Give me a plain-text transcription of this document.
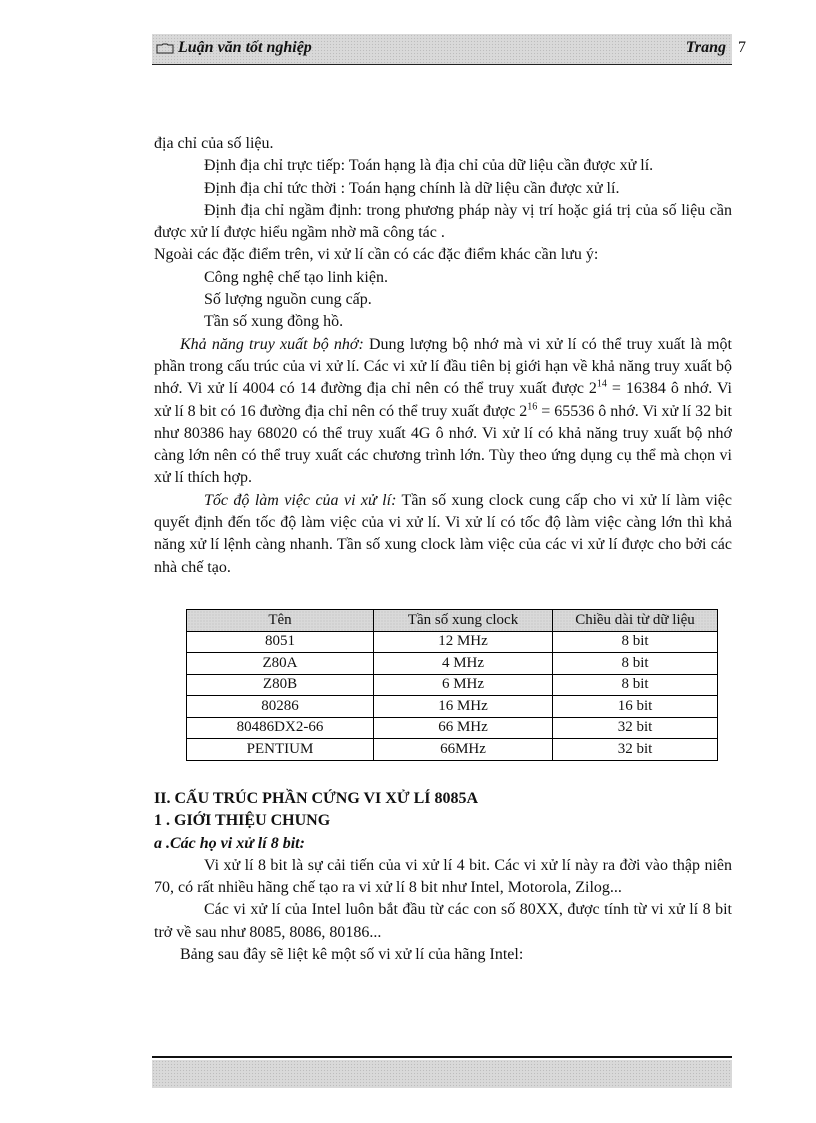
Luận văn tốt nghiệp	Trang 7

địa chỉ của số liệu.

Định địa chỉ trực tiếp: Toán hạng là địa chỉ của dữ liệu cần được xử lí.

Định địa chỉ tức thời : Toán hạng chính là dữ liệu cần được xử lí.

Định địa chỉ ngầm định: trong phương pháp này vị trí hoặc giá trị của số liệu cần được xử lí được hiểu ngầm nhờ mã công tác .

Ngoài các đặc điểm trên, vi xử lí cần có các đặc điểm khác cần lưu ý:

Công nghệ chế tạo linh kiện.

Số lượng nguồn cung cấp.

Tần số xung đồng hồ.

Khả năng truy xuất bộ nhớ: Dung lượng bộ nhớ mà vi xử lí có thể truy xuất là một phần trong cấu trúc của vi xử lí. Các vi xử lí đầu tiên bị giới hạn về khả năng truy xuất bộ nhớ. Vi xử lí 4004 có 14 đường địa chỉ nên có thể truy xuất được $2^{14} = 16384$ ô nhớ. Vi xử lí 8 bit có 16 đường địa chỉ nên có thể truy xuất được $2^{16} = 65536$ ô nhớ. Vi xử lí 32 bit như 80386 hay 68020 có thể truy xuất 4G ô nhớ. Vi xử lí có khả năng truy xuất bộ nhớ càng lớn nên có thể truy xuất các chương trình lớn. Tùy theo ứng dụng cụ thể mà chọn vi xử lí thích hợp.

Tốc độ làm việc của vi xử lí: Tần số xung clock cung cấp cho vi xử lí làm việc quyết định đến tốc độ làm việc của vi xử lí. Vi xử lí có tốc độ làm việc càng lớn thì khả năng xử lí lệnh càng nhanh. Tần số xung clock làm việc của các vi xử lí được cho bởi các nhà chế tạo.

Tên	Tần số xung clock	Chiều dài từ dữ liệu
8051	12 MHz	8 bit
Z80A	4 MHz	8 bit
Z80B	6 MHz	8 bit
80286	16 MHz	16 bit
80486DX2-66	66 MHz	32 bit
PENTIUM	66MHz	32 bit

II. CẤU TRÚC PHẦN CỨNG VI XỬ LÍ 8085A

1 . GIỚI THIỆU CHUNG

a .Các họ vi xử lí 8 bit:

Vi xử lí 8 bit là sự cải tiến của vi xử lí 4 bit. Các vi xử lí này ra đời vào thập niên 70, có rất nhiều hãng chế tạo ra vi xử lí 8 bit như Intel, Motorola, Zilog...

Các vi xử lí của Intel luôn bắt đầu từ các con số 80XX, được tính từ vi xử lí 8 bit trở về sau như 8085, 8086, 80186...

Bảng sau đây sẽ liệt kê một số vi xử lí của hãng Intel:
